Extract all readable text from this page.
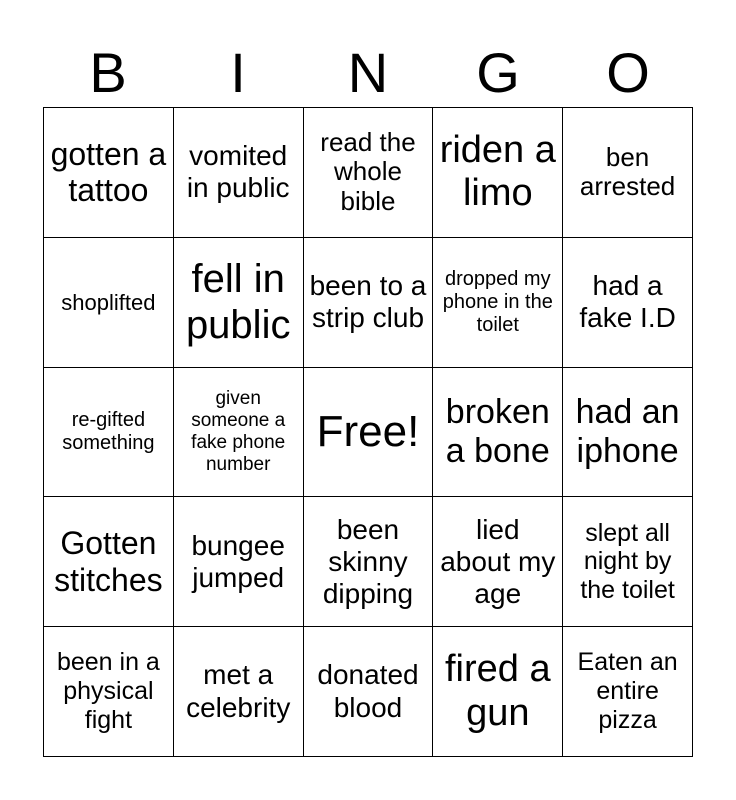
B	I	N	G	O
gotten a tattoo
vomited in public
read the whole bible
riden a limo
ben arrested
shoplifted
fell in public
been to a strip club
dropped my phone in the toilet
had a fake I.D
re-gifted something
given someone a fake phone number
Free! broken a bone
had an iphone
Gotten stitches
bungee jumped
been skinny dipping
lied about my age
slept all night by the toilet
been in a physical fight
met a celebrity
donated blood
fired a gun
Eaten an entire pizza
